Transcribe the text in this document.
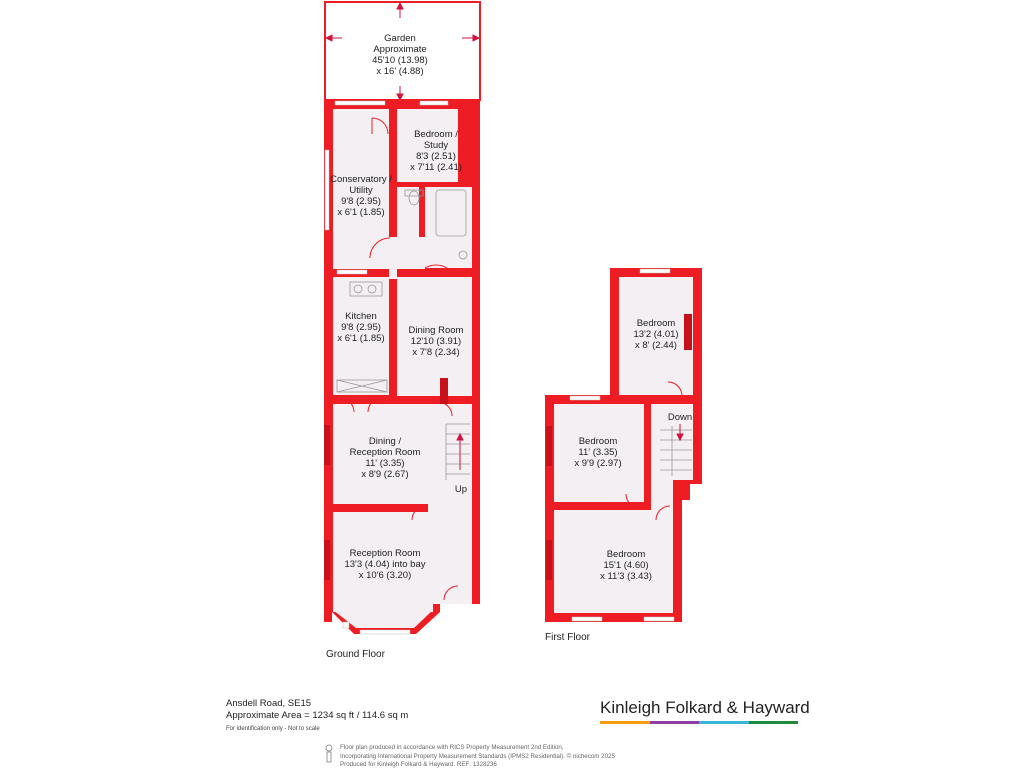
Garden
Approximate
45'10 (13.98)
x 16' (4.88)
Bedroom /
Study
8'3 (2.51)
x 7'11 (2.41)
Conservatory /
Utility
9'8 (2.95)
x 6'1 (1.85)
Kitchen
9'8 (2.95)
x 6'1 (1.85)
Dining Room
12'10 (3.91)
x 7'8 (2.34)
Dining /
Reception Room
11' (3.35)
x 8'9 (2.67)
Reception Room
13'3 (4.04) into bay
x 10'6 (3.20)
Up
Ground Floor
Bedroom
13'2 (4.01)
x 8' (2.44)
Bedroom
11' (3.35)
x 9'9 (2.97)
Bedroom
15'1 (4.60)
x 11'3 (3.43)
Down
First Floor
Ansdell Road, SE15
Approximate Area = 1234 sq ft / 114.6 sq m
For identification only - Not to scale
Kinleigh Folkard & Hayward
Floor plan produced in accordance with RICS Property Measurement 2nd Edition,
Incorporating International Property Measurement Standards (IPMS2 Residential). © nichecom 2025
Produced for Kinleigh Folkard & Hayward. REF: 1328236
